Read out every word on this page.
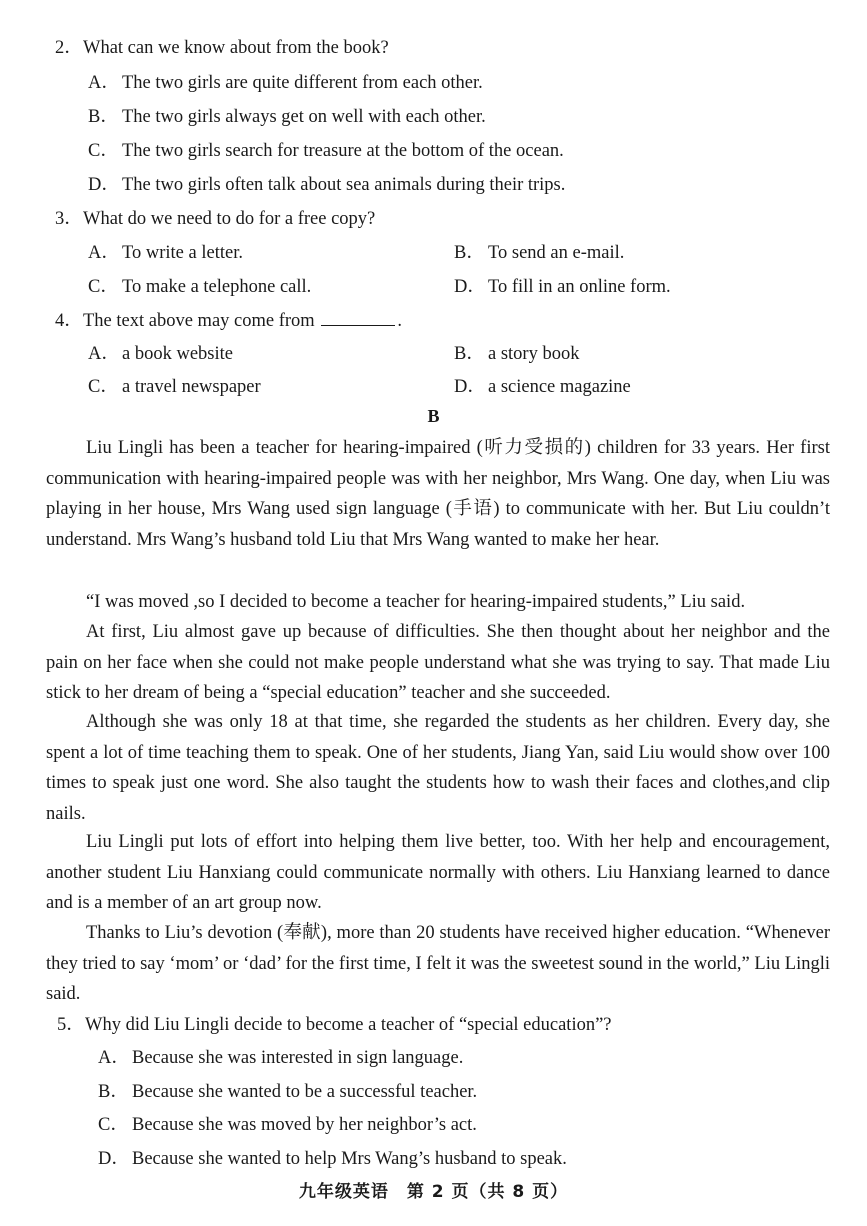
2．What can we know about from the book?
A． The two girls are quite different from each other.
B． The two girls always get on well with each other.
C． The two girls search for treasure at the bottom of the ocean.
D． The two girls often talk about sea animals during their trips.
3．What do we need to do for a free copy?
A． To write a letter.	B． To send an e-mail.
C． To make a telephone call.	D． To fill in an online form.
4．The text above may come from	.
A． a book website	B． a story book
C． a travel newspaper	D． a science magazine
B

Liu Lingli has been a teacher for hearing-impaired (听力受损的) children for 33 years. Her first communication with hearing-impaired people was with her neighbor, Mrs Wang. One day, when Liu was playing in her house, Mrs Wang used sign language (手语) to communicate with her. But Liu couldn’t understand. Mrs Wang’s husband told Liu that Mrs Wang wanted to make her hear.

“I was moved ,so I decided to become a teacher for hearing-impaired students,” Liu said.

At first, Liu almost gave up because of difficulties. She then thought about her neighbor and the pain on her face when she could not make people understand what she was trying to say. That made Liu stick to her dream of being a “special education” teacher and she succeeded.

Although she was only 18 at that time, she regarded the students as her children. Every day, she spent a lot of time teaching them to speak. One of her students, Jiang Yan, said Liu would show over 100 times to speak just one word. She also taught the students how to wash their faces and clothes,and clip nails.

Liu Lingli put lots of effort into helping them live better, too. With her help and encouragement, another student Liu Hanxiang could communicate normally with others. Liu Hanxiang learned to dance and is a member of an art group now.

Thanks to Liu’s devotion (奉献), more than 20 students have received higher education. “Whenever they tried to say ‘mom’ or ‘dad’ for the first time, I felt it was the sweetest sound in the world,” Liu Lingli said.

5．Why did Liu Lingli decide to become a teacher of “special education”?
A． Because she was interested in sign language.
B． Because she wanted to be a successful teacher.
C． Because she was moved by her neighbor’s act.
D． Because she wanted to help Mrs Wang’s husband to speak.
九年级英语　第 2 页（共 8 页）
